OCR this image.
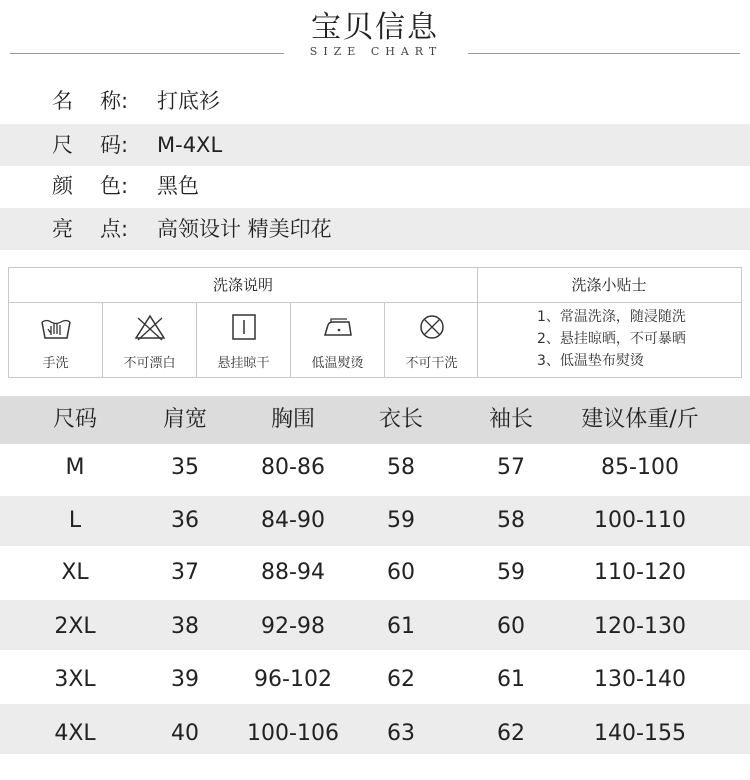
宝贝信息
SIZE CHART
名 称: 打底衫
尺 码: M-4XL
颜 色: 黑色
亮 点: 高领设计 精美印花
洗涤说明	洗涤小贴士
手洗	不可漂白	悬挂晾干	低温熨烫	不可干洗
1、常温洗涤，随浸随洗
2、悬挂晾晒，不可暴晒
3、低温垫布熨烫
尺码	肩宽	胸围	衣长	袖长	建议体重/斤
M	35	80-86	58	57	85-100
L	36	84-90	59	58	100-110
XL	37	88-94	60	59	110-120
2XL	38	92-98	61	60	120-130
3XL	39	96-102	62	61	130-140
4XL	40	100-106	63	62	140-155
